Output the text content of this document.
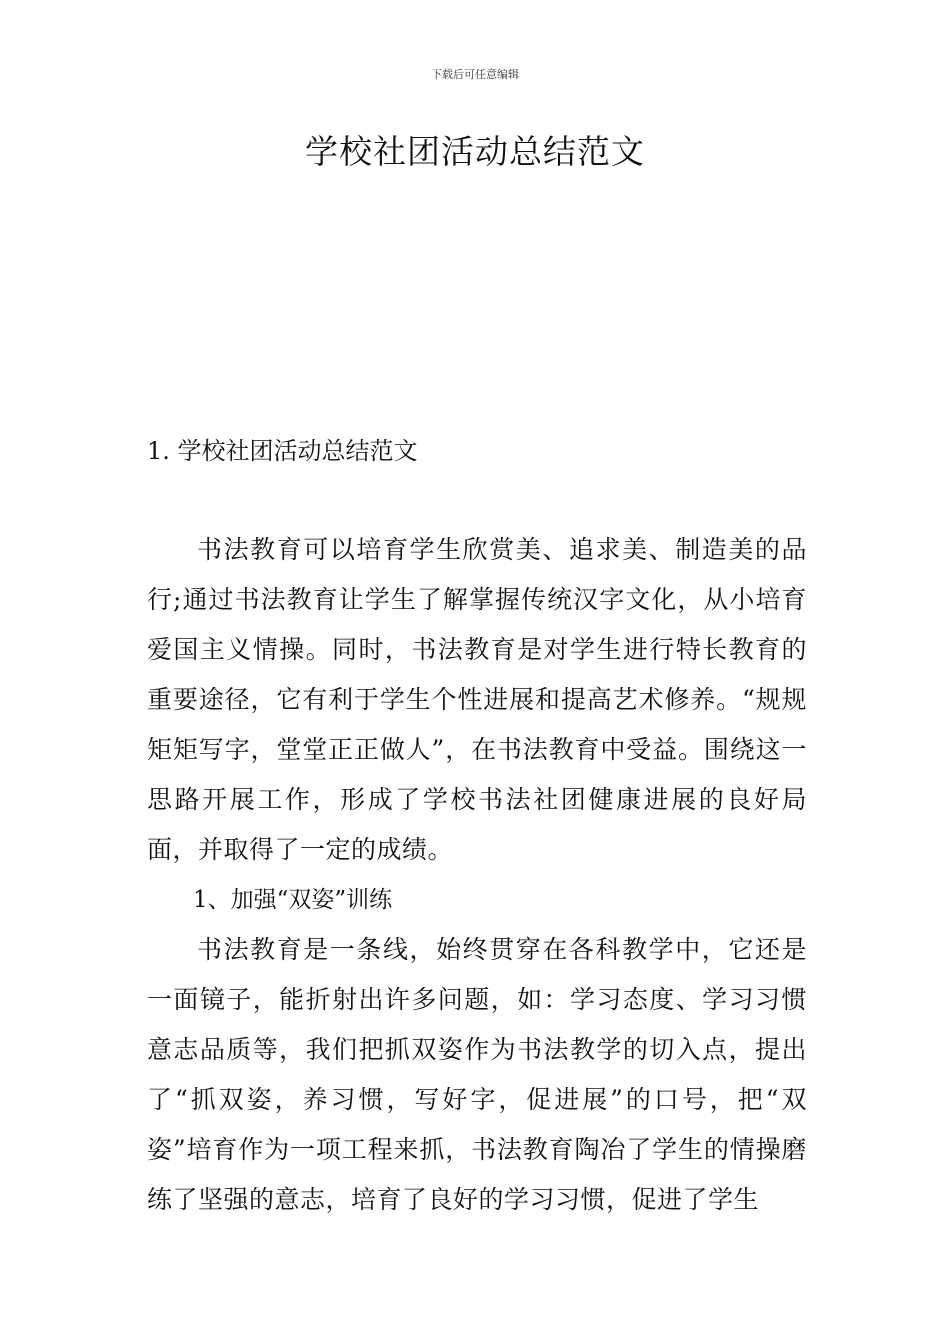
下载后可任意编辑
学校社团活动总结范文
1. 学校社团活动总结范文

书法教育可以培育学生欣赏美、追求美、制造美的品行;通过书法教育让学生了解掌握传统汉字文化，从小培育爱国主义情操。同时，书法教育是对学生进行特长教育的重要途径，它有利于学生个性进展和提高艺术修养。“规规矩矩写字，堂堂正正做人”，在书法教育中受益。围绕这一思路开展工作，形成了学校书法社团健康进展的良好局面，并取得了一定的成绩。

1、加强“双姿”训练

书法教育是一条线，始终贯穿在各科教学中，它还是一面镜子，能折射出许多问题，如：学习态度、学习习惯意志品质等，我们把抓双姿作为书法教学的切入点，提出了“抓双姿，养习惯，写好字，促进展”的口号，把“双姿”培育作为一项工程来抓，书法教育陶冶了学生的情操磨练了坚强的意志，培育了良好的学习习惯，促进了学生
